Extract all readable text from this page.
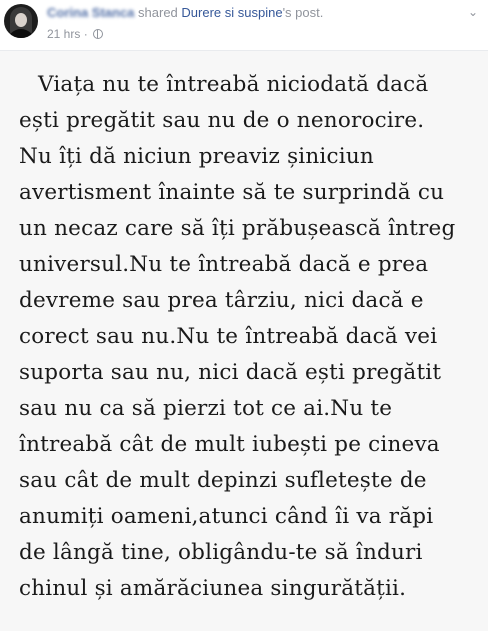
Corina Stanca shared Durere si suspine's post.
21 hrs ·
⌄
Viața nu te întreabă niciodată dacă
ești pregătit sau nu de o nenorocire.
Nu îți dă niciun preaviz șiniciun
avertisment înainte să te surprindă cu
un necaz care să îți prăbușească întreg
universul.Nu te întreabă dacă e prea
devreme sau prea târziu, nici dacă e
corect sau nu.Nu te întreabă dacă vei
suporta sau nu, nici dacă ești pregătit
sau nu ca să pierzi tot ce ai.Nu te
întreabă cât de mult iubești pe cineva
sau cât de mult depinzi sufletește de
anumiți oameni,atunci când îi va răpi
de lângă tine, obligându-te să înduri
chinul și amărăciunea singurătății.
